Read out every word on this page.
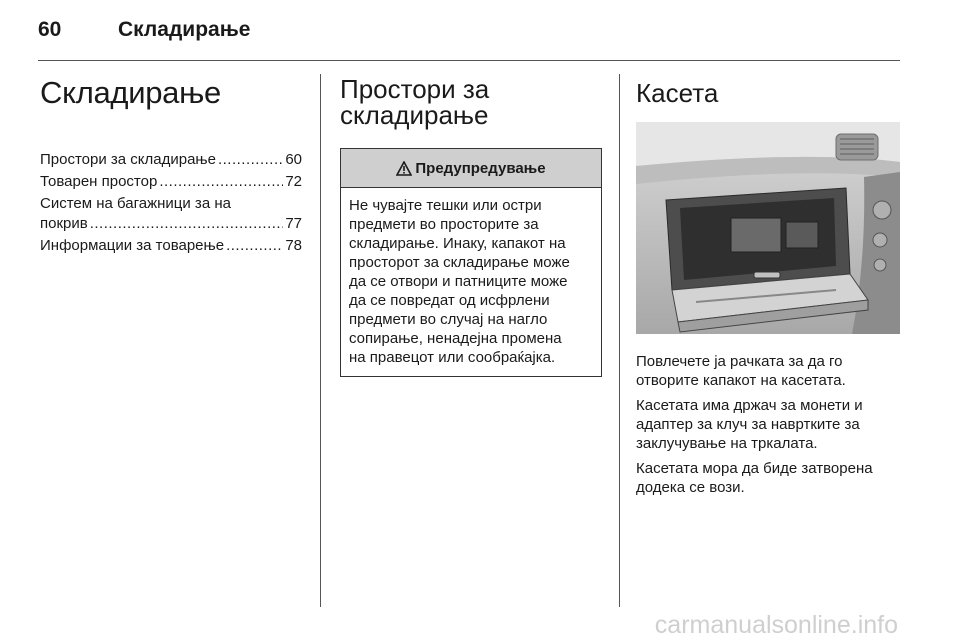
60	Складирање
Складирање
Простори за складирање .....	60
Товарен простор .....	72
Систем на багажници за на
покрив .....	77
Информации за товарење .....	78
Простори за
складирање
Предупредување
Не чувајте тешки или остри
предмети во просторите за
складирање. Инаку, капакот на
просторот за складирање може
да се отвори и патниците може
да се повредат од исфрлени
предмети во случај на нагло
сопирање, ненадејна промена
на правецот или сообраќајка.
Касета
Повлечете ја рачката за да го
отворите капакот на касетата.
Касетата има држач за монети и
адаптер за клуч за навртките за
заклучување на тркалата.
Касетата мора да биде затворена
додека се вози.
carmanualsonline.info
